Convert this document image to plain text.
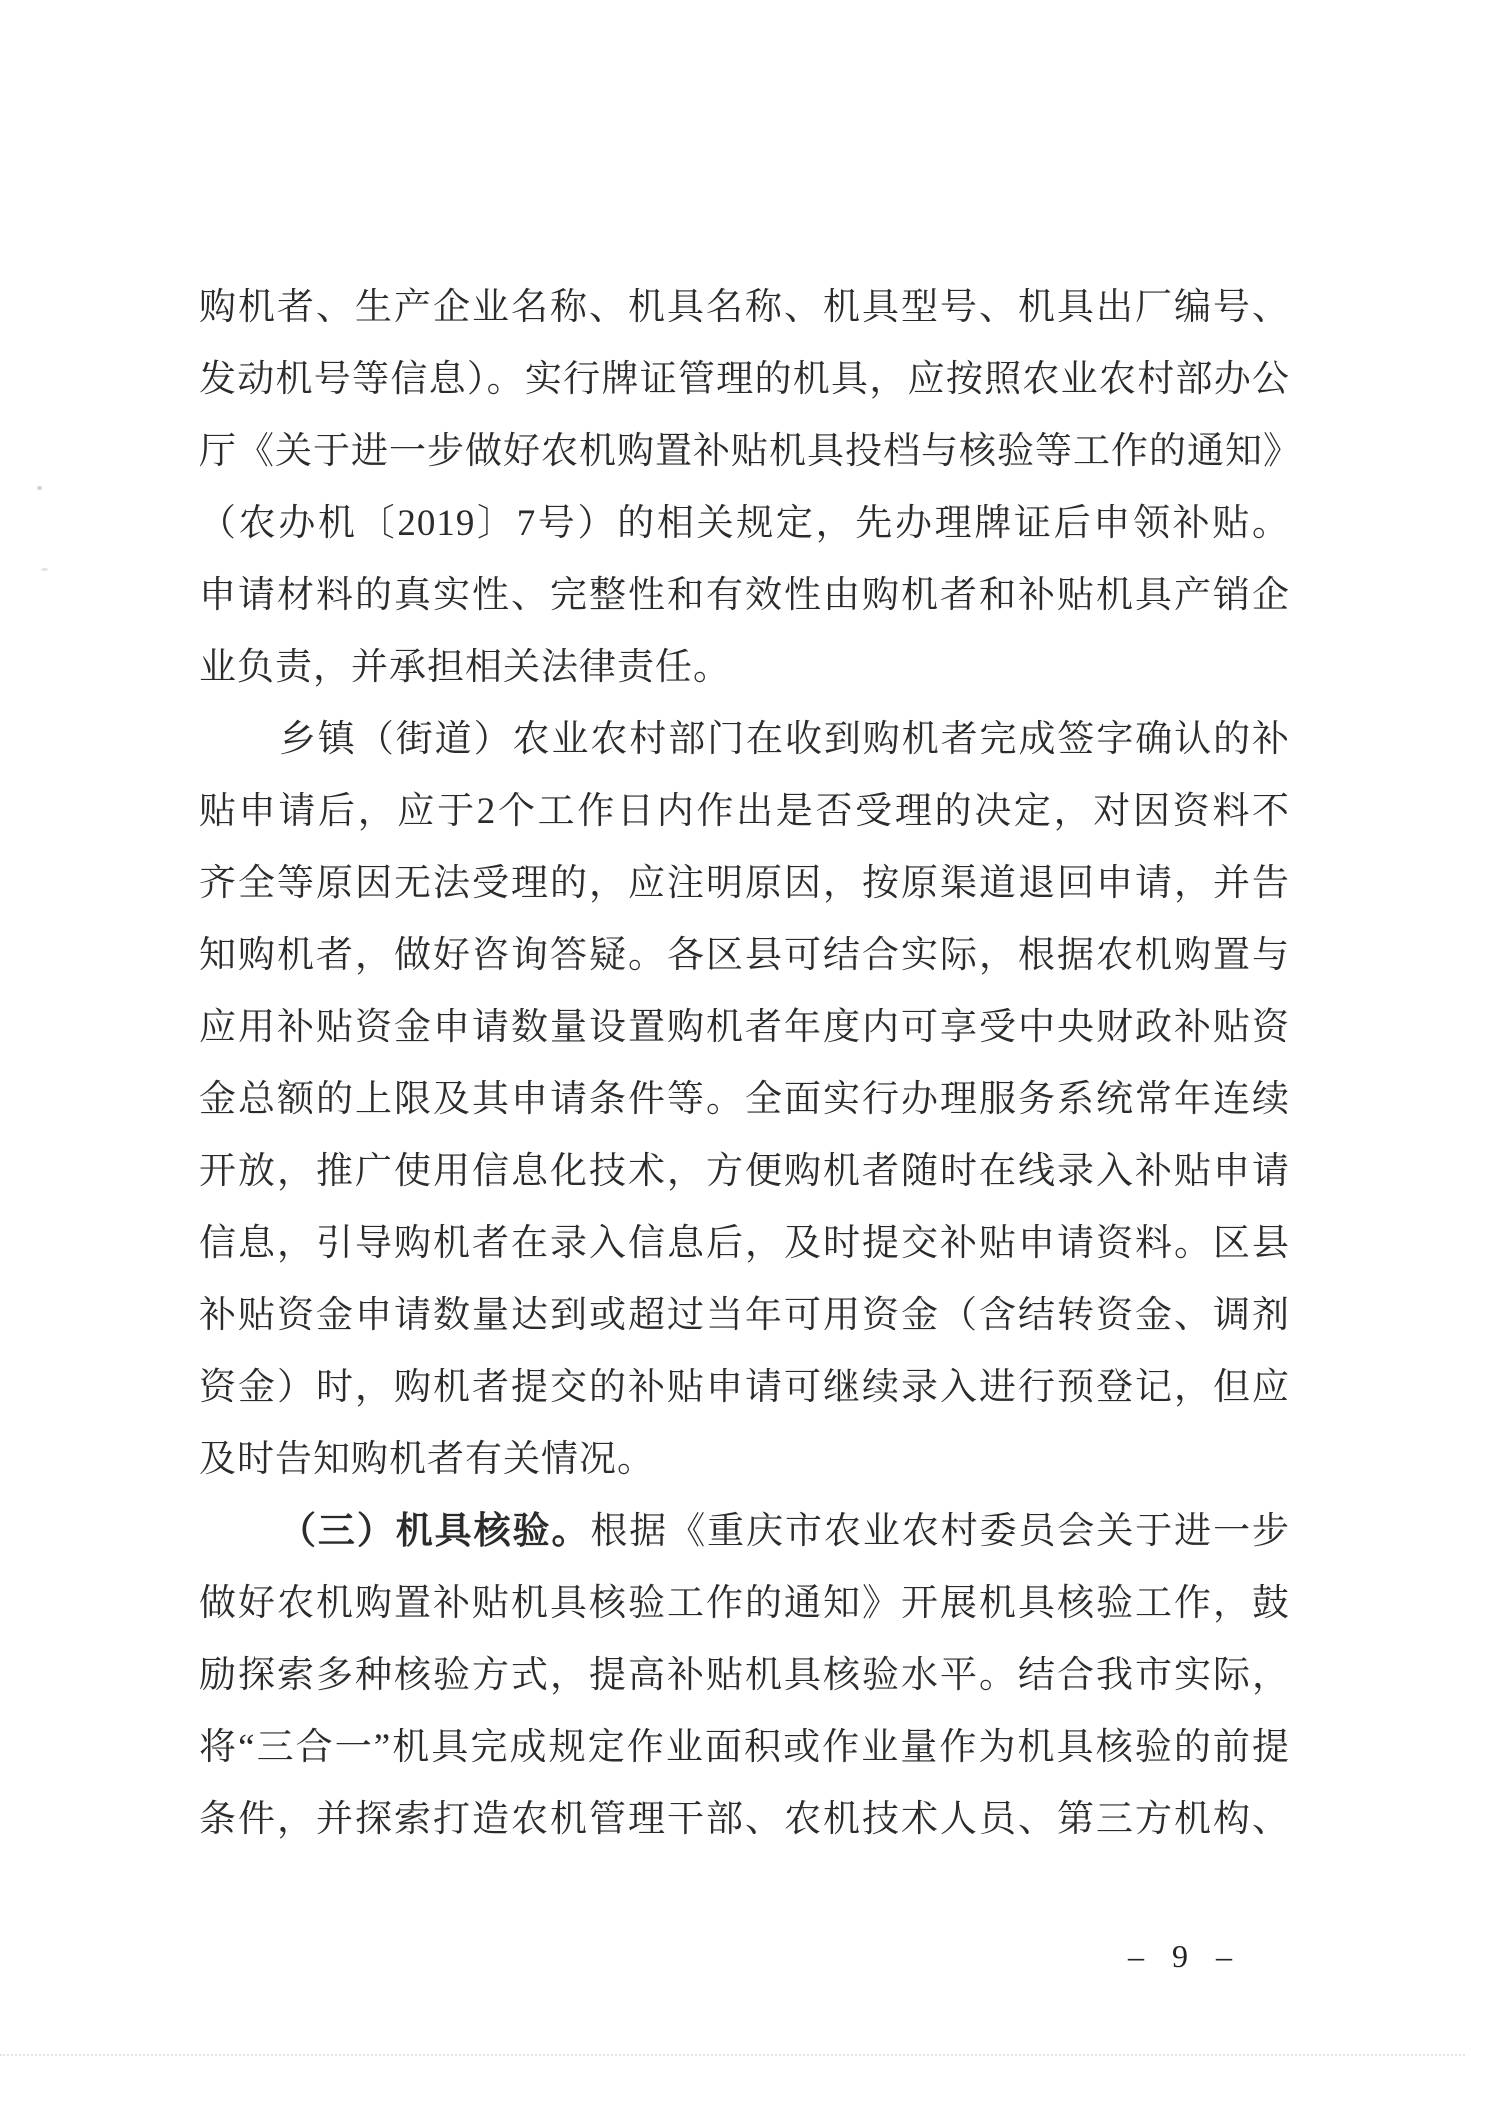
购机者、生产企业名称、机具名称、机具型号、机具出厂编号、
发动机号等信息）。实行牌证管理的机具，应按照农业农村部办公
厅《关于进一步做好农机购置补贴机具投档与核验等工作的通知》
（农办机〔2019〕7号）的相关规定，先办理牌证后申领补贴。
申请材料的真实性、完整性和有效性由购机者和补贴机具产销企
业负责，并承担相关法律责任。
乡镇（街道）农业农村部门在收到购机者完成签字确认的补
贴申请后，应于2个工作日内作出是否受理的决定，对因资料不
齐全等原因无法受理的，应注明原因，按原渠道退回申请，并告
知购机者，做好咨询答疑。各区县可结合实际，根据农机购置与
应用补贴资金申请数量设置购机者年度内可享受中央财政补贴资
金总额的上限及其申请条件等。全面实行办理服务系统常年连续
开放，推广使用信息化技术，方便购机者随时在线录入补贴申请
信息，引导购机者在录入信息后，及时提交补贴申请资料。区县
补贴资金申请数量达到或超过当年可用资金（含结转资金、调剂
资金）时，购机者提交的补贴申请可继续录入进行预登记，但应
及时告知购机者有关情况。
（三）机具核验。根据《重庆市农业农村委员会关于进一步
做好农机购置补贴机具核验工作的通知》开展机具核验工作，鼓
励探索多种核验方式，提高补贴机具核验水平。结合我市实际，
将“三合一”机具完成规定作业面积或作业量作为机具核验的前提
条件，并探索打造农机管理干部、农机技术人员、第三方机构、
– 9 –
